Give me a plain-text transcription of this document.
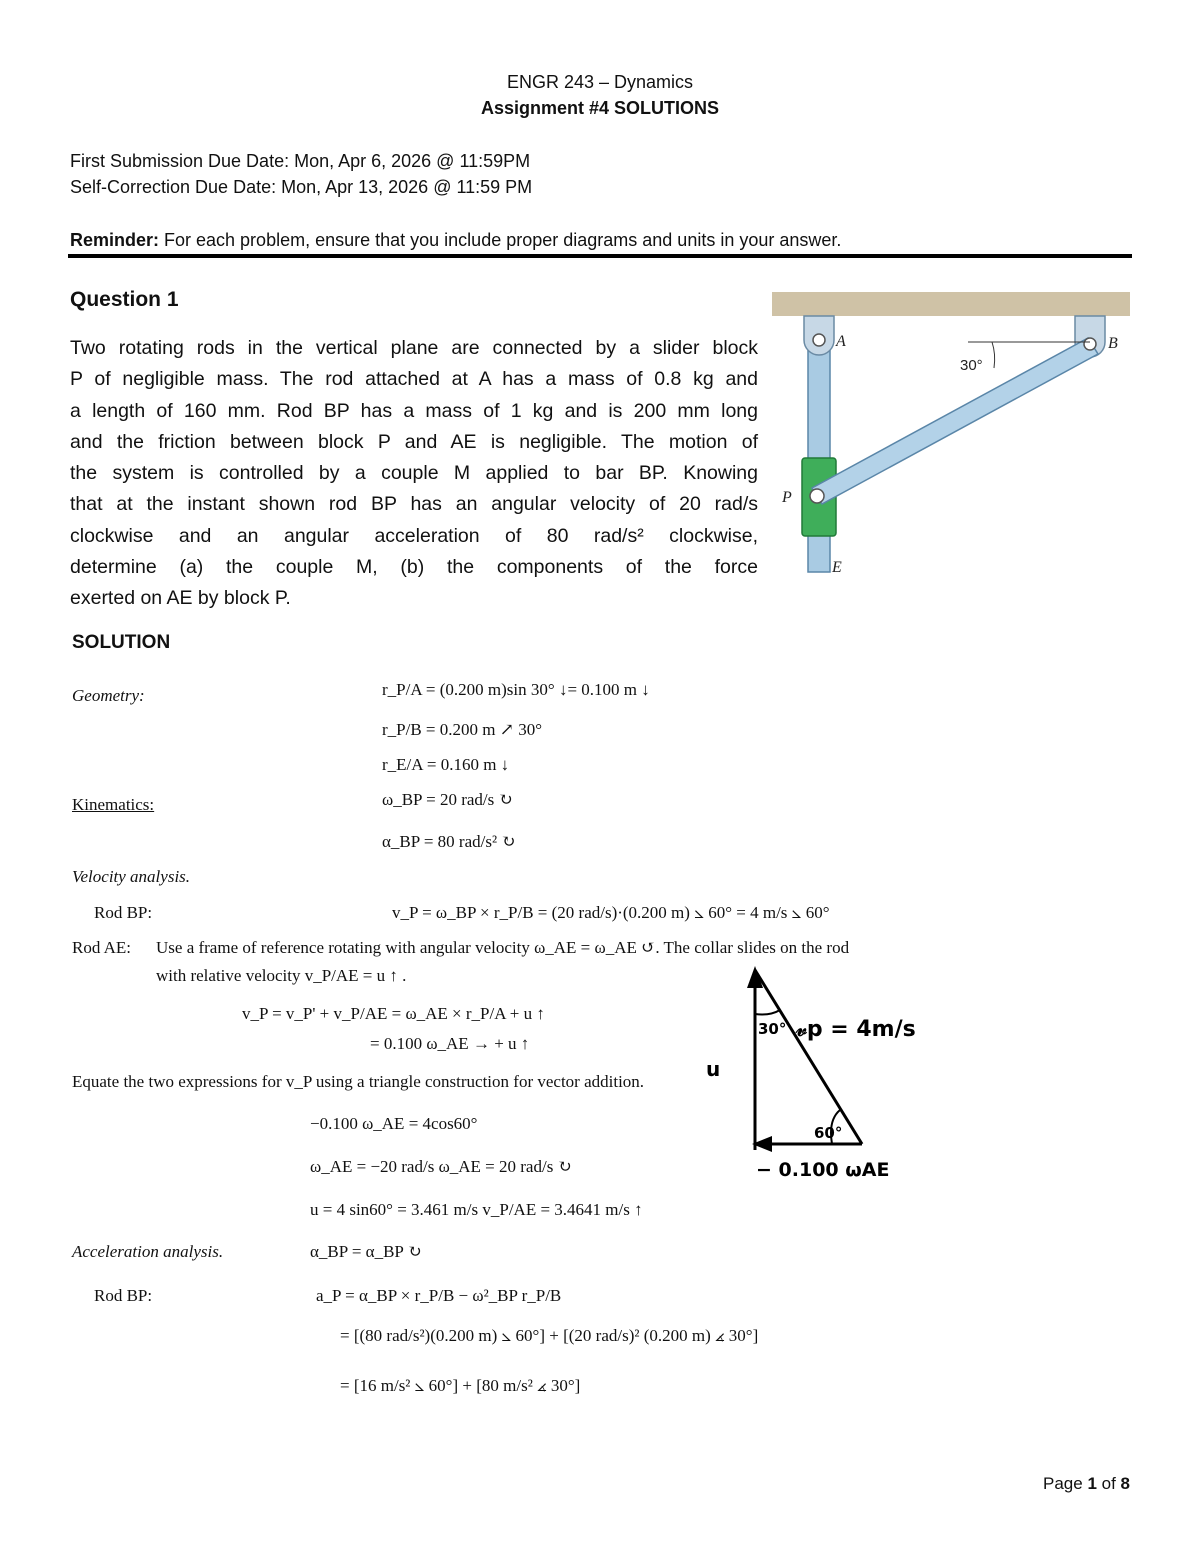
ENGR 243 – Dynamics
Assignment #4 SOLUTIONS
First Submission Due Date: Mon, Apr 6, 2026 @ 11:59PM
Self-Correction Due Date: Mon, Apr 13, 2026 @ 11:59 PM
Reminder: For each problem, ensure that you include proper diagrams and units in your answer.
Question 1
Two rotating rods in the vertical plane are connected by a slider block
P of negligible mass. The rod attached at A has a mass of 0.8 kg and
a length of 160 mm. Rod BP has a mass of 1 kg and is 200 mm long
and the friction between block P and AE is negligible. The motion of
the system is controlled by a couple M applied to bar BP. Knowing
that at the instant shown rod BP has an angular velocity of 20 rad/s
clockwise and an angular acceleration of 80 rad/s² clockwise,
determine (a) the couple M, (b) the components of the force
exerted on AE by block P.
30°
A	B
P
E
SOLUTION
Geometry:	r_P/A = (0.200 m)sin 30° ↓= 0.100 m ↓
r_P/B = 0.200 m ↗ 30°
r_E/A = 0.160 m ↓
Kinematics:	ω_BP = 20 rad/s ↻
α_BP = 80 rad/s² ↻
Velocity analysis.
Rod BP:	v_P = ω_BP × r_P/B = (20 rad/s)·(0.200 m) ⦣ 60° = 4 m/s ⦣ 60°
Rod AE: Use a frame of reference rotating with angular velocity ω_AE = ω_AE ↺. The collar slides on the rod
with relative velocity v_P/AE = u ↑ .
v_P = v_P' + v_P/AE = ω_AE × r_P/A + u ↑
= 0.100 ω_AE → + u ↑
Equate the two expressions for v_P using a triangle construction for vector addition.
−0.100 ω_AE = 4cos60°
ω_AE = −20 rad/s ω_AE = 20 rad/s ↻
u = 4 sin60° = 3.461 m/s v_P/AE = 3.4641 m/s ↑
Acceleration analysis.	α_BP = α_BP ↻
Rod BP:	a_P = α_BP × r_P/B − ω²_BP r_P/B
= [(80 rad/s²)(0.200 m) ⦣ 60°] + [(20 rad/s)² (0.200 m) ∡ 30°]
= [16 m/s² ⦣ 60°] + [80 m/s² ∡ 30°]
30° 𝓋p = 4m/s
u
60°
− 0.100 ωAE
Page 1 of 8
